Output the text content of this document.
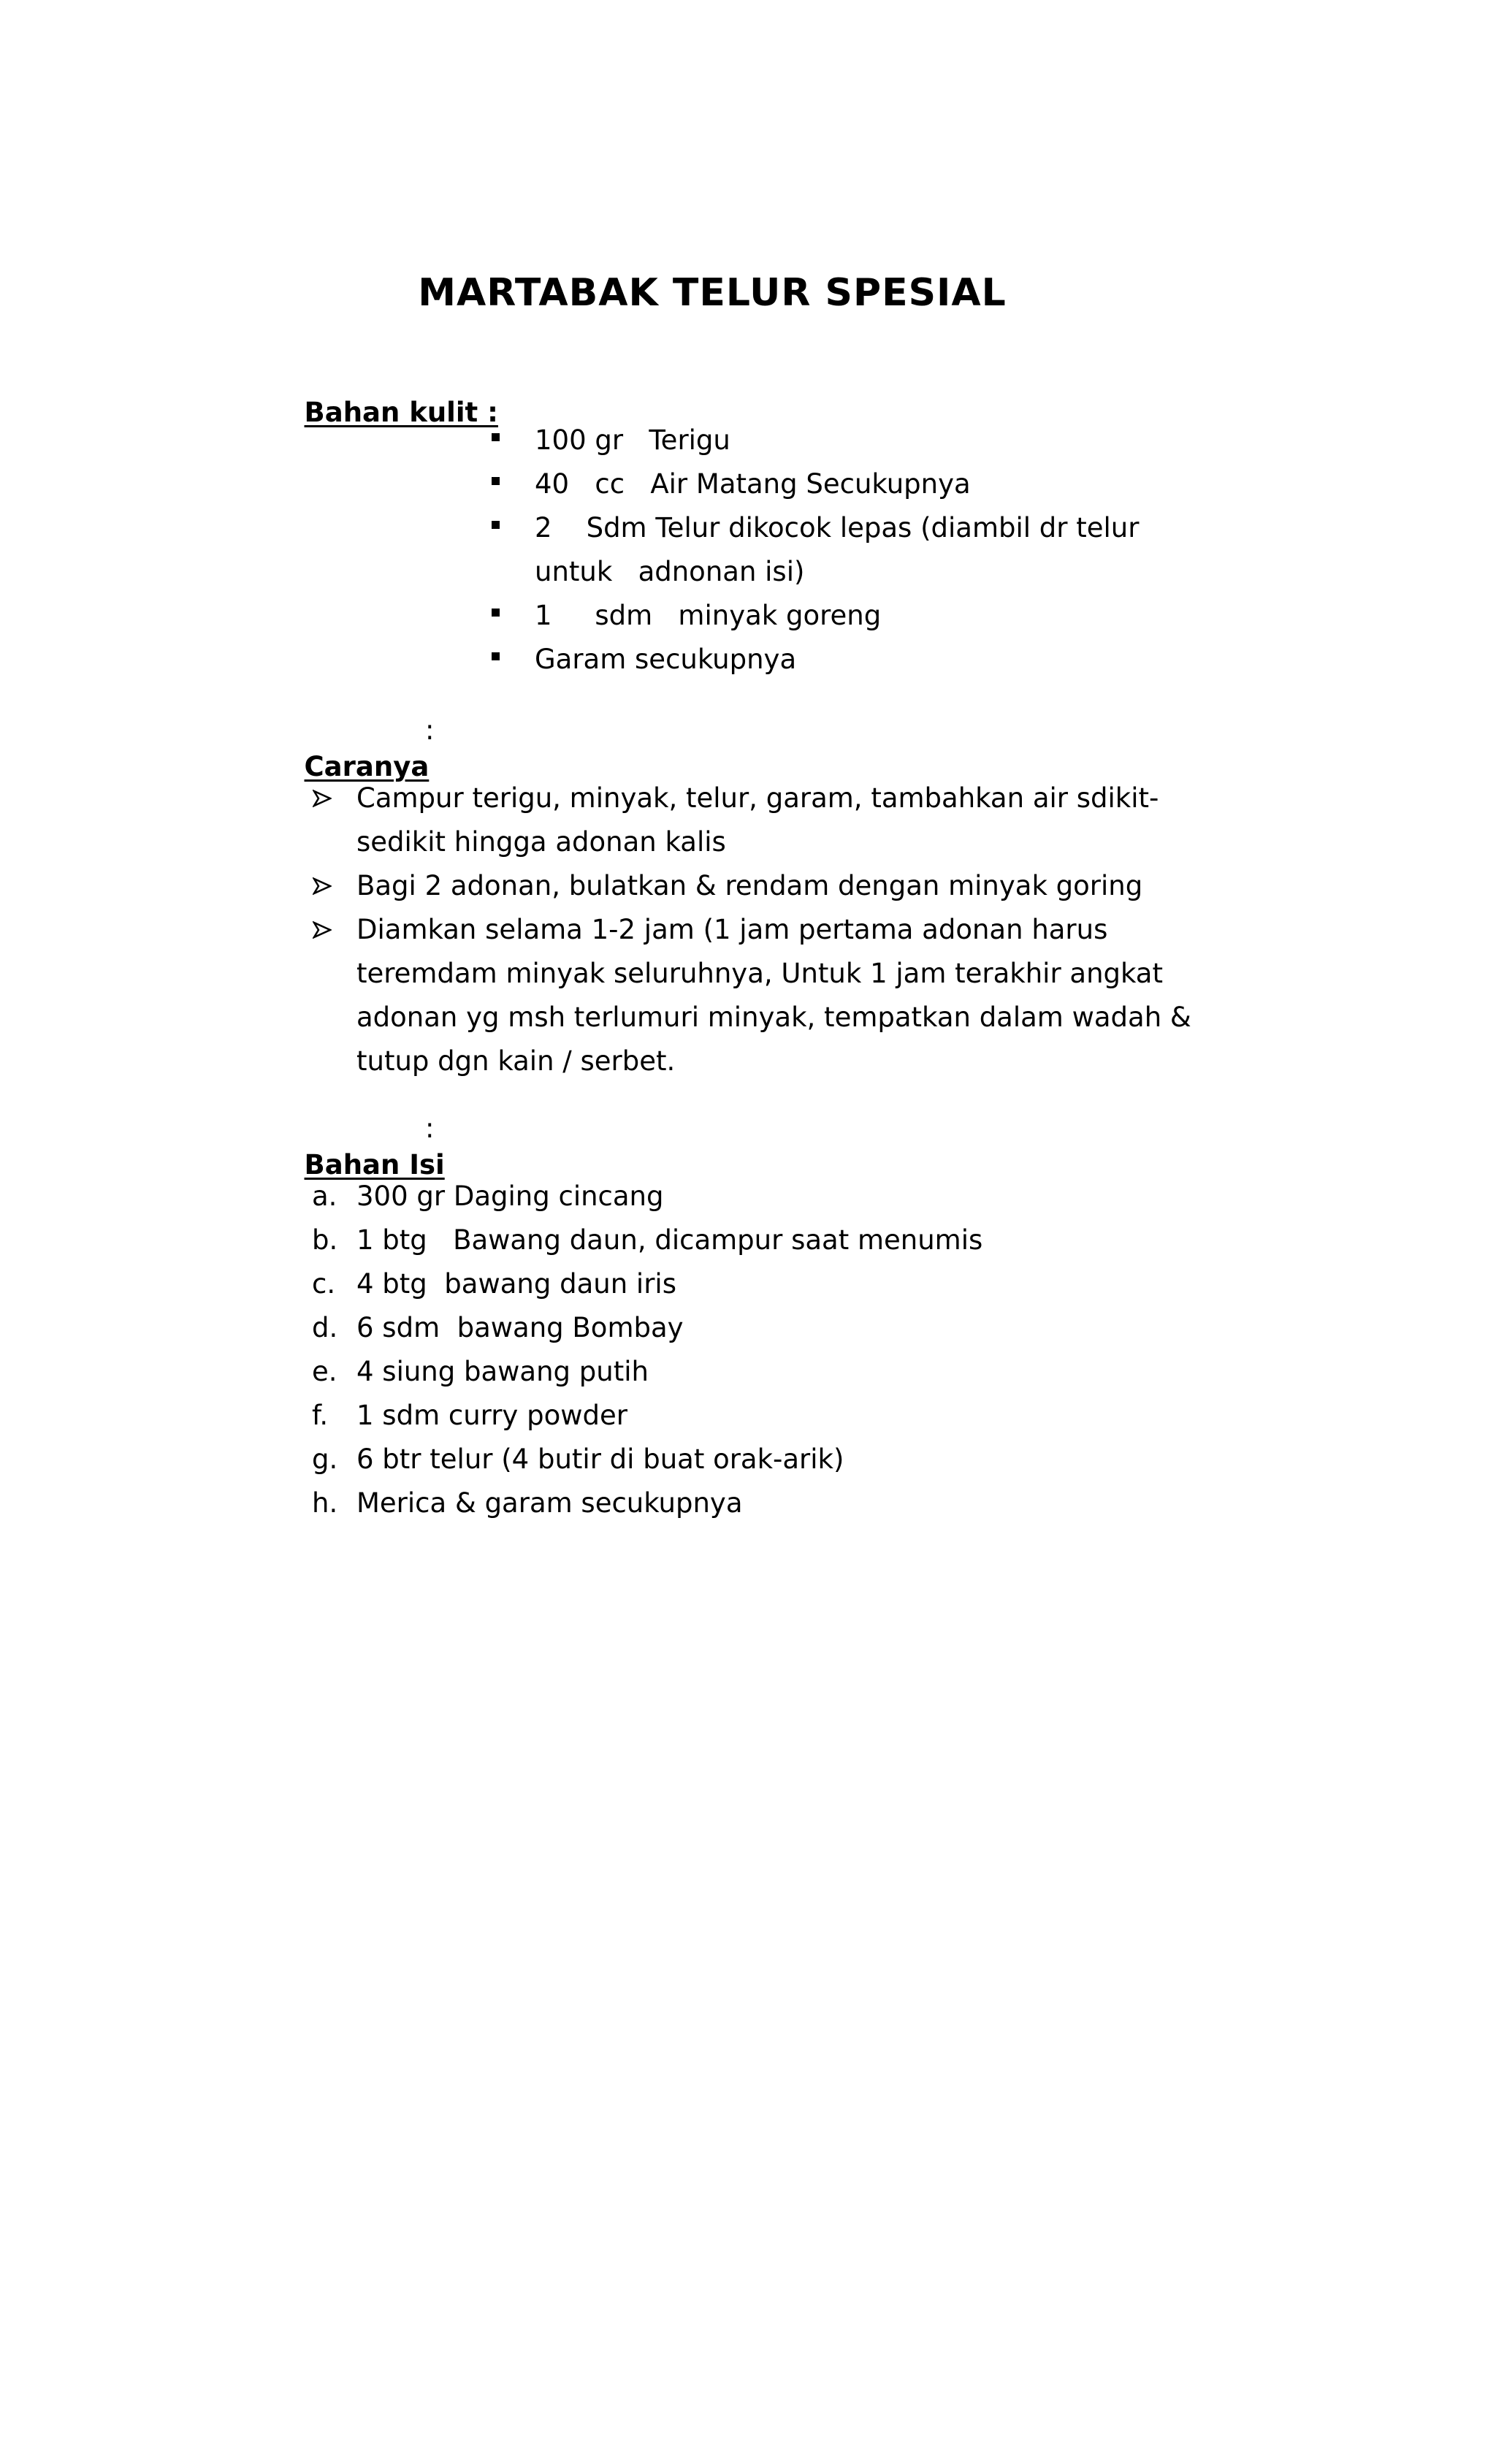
MARTABAK TELUR SPESIAL

Bahan kulit :

100 gr   Terigu
40   cc   Air Matang Secukupnya
2    Sdm Telur dikocok lepas (diambil dr telur
untuk   adnonan isi)
1     sdm   minyak goreng
Garam secukupnya

Caranya

:
Campur terigu, minyak, telur, garam, tambahkan air sdikit-
sedikit hingga adonan kalis
Bagi 2 adonan, bulatkan & rendam dengan minyak goring
Diamkan selama 1-2 jam (1 jam pertama adonan harus
teremdam minyak seluruhnya, Untuk 1 jam terakhir angkat
adonan yg msh terlumuri minyak, tempatkan dalam wadah &
tutup dgn kain / serbet.

Bahan Isi

:
a. 300 gr Daging cincang
b. 1 btg   Bawang daun, dicampur saat menumis
c. 4 btg  bawang daun iris
d. 6 sdm  bawang Bombay
e. 4 siung bawang putih
f. 1 sdm curry powder
g. 6 btr telur (4 butir di buat orak-arik)
h. Merica & garam secukupnya
